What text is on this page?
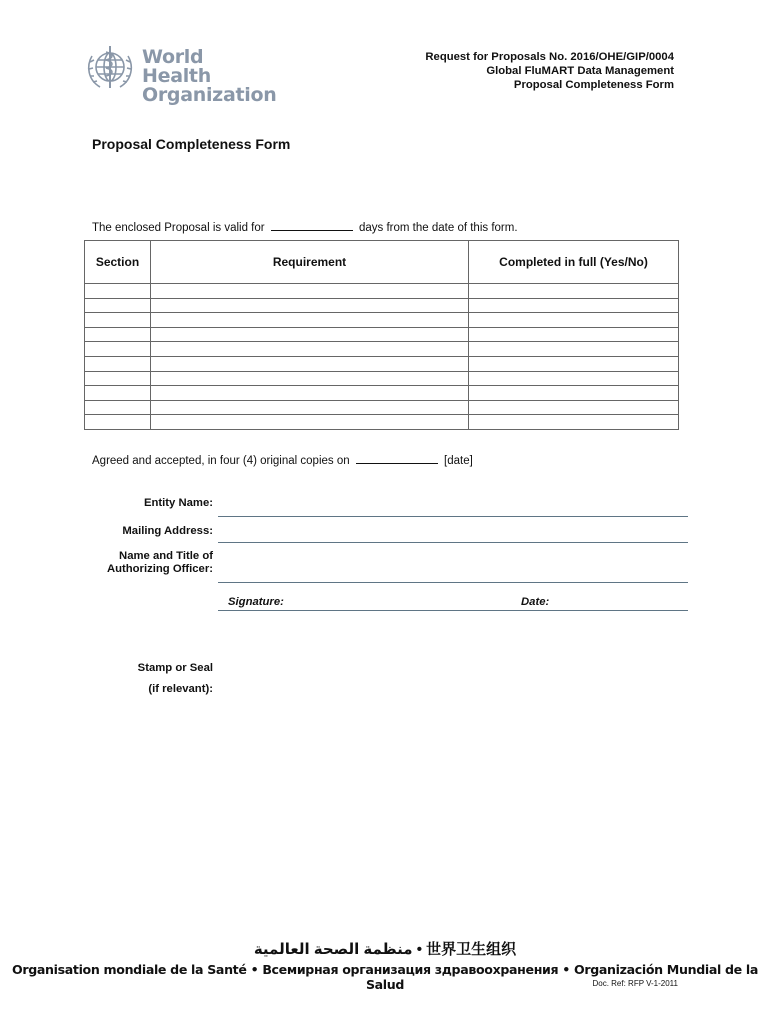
World Health
Organization
Request for Proposals No. 2016/OHE/GIP/0004
Global FluMART Data Management
Proposal Completeness Form
Proposal Completeness Form
The enclosed Proposal is valid for	days from the date of this form.
Section	Requirement	Completed in full (Yes/No)

Agreed and accepted, in four (4) original copies on	[date]
Entity Name:
Mailing Address:
Name and Title of
Authorizing Officer:
Signature:	Date:
Stamp or Seal
(if relevant):
منظمة الصحة العالمية • 世界卫生组织
Organisation mondiale de la Santé • Всемирная организация здравоохранения • Organización Mundial de la Salud	Doc. Ref: RFP V-1-2011
